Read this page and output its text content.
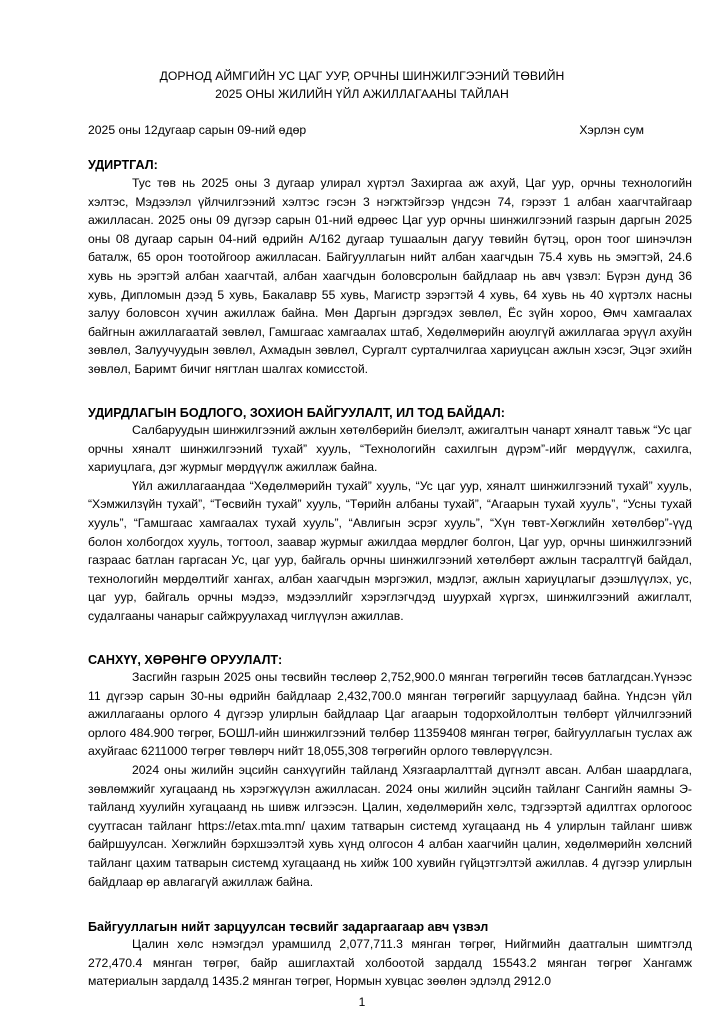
ДОРНОД АЙМГИЙН УС ЦАГ УУР, ОРЧНЫ ШИНЖИЛГЭЭНИЙ ТӨВИЙН
2025 ОНЫ ЖИЛИЙН ҮЙЛ АЖИЛЛАГААНЫ ТАЙЛАН
2025 оны 12дугаар сарын 09-ний өдөр	Хэрлэн сум
УДИРТГАЛ:

Тус төв нь 2025 оны 3 дугаар улирал хүртэл Захиргаа аж ахуй, Цаг уур, орчны технологийн хэлтэс, Мэдээлэл үйлчилгээний хэлтэс гэсэн 3 нэгжтэйгээр үндсэн 74, гэрээт 1 албан хаагчтайгаар ажилласан. 2025 оны 09 дүгээр сарын 01-ний өдрөөс Цаг уур орчны шинжилгээний газрын даргын 2025 оны 08 дугаар сарын 04-ний өдрийн А/162 дугаар тушаалын дагуу төвийн бүтэц, орон тоог шинэчлэн баталж, 65 орон тоотойгоор ажилласан. Байгууллагын нийт албан хаагчдын 75.4 хувь нь эмэгтэй, 24.6 хувь нь эрэгтэй албан хаагчтай, албан хаагчдын боловсролын байдлаар нь авч үзвэл: Бүрэн дунд 36 хувь, Дипломын дээд 5 хувь, Бакалавр 55 хувь, Магистр зэрэгтэй 4 хувь, 64 хувь нь 40 хүртэлх насны залуу боловсон хүчин ажиллаж байна. Мөн Даргын дэргэдэх зөвлөл, Ёс зүйн хороо, Өмч хамгаалах байгнын ажиллагаатай зөвлөл, Гамшгаас хамгаалах штаб, Хөдөлмөрийн аюулгүй ажиллагаа эрүүл ахуйн зөвлөл, Залуучуудын зөвлөл, Ахмадын зөвлөл, Сургалт сурталчилгаа хариуцсан ажлын хэсэг, Эцэг эхийн зөвлөл, Баримт бичиг нягтлан шалгах комисстой.

УДИРДЛАГЫН БОДЛОГО, ЗОХИОН БАЙГУУЛАЛТ, ИЛ ТОД БАЙДАЛ:

Салбаруудын шинжилгээний ажлын хөтөлбөрийн биелэлт, ажигалтын чанарт хяналт тавьж “Ус цаг орчны хяналт шинжилгээний тухай” хууль, “Технологийн сахилгын дүрэм”-ийг мөрдүүлж, сахилга, хариуцлага, дэг журмыг мөрдүүлж ажиллаж байна.

Үйл ажиллагаандаа “Хөдөлмөрийн тухай” хууль, “Ус цаг уур, хяналт шинжилгээний тухай” хууль, “Хэмжилзүйн тухай”, “Төсвийн тухай” хууль, “Төрийн албаны тухай”, “Агаарын тухай хууль”, “Усны тухай хууль”, “Гамшгаас хамгаалах тухай хууль”, “Авлигын эсрэг хууль”, “Хүн төвт-Хөгжлийн хөтөлбөр”-үүд болон холбогдох хууль, тогтоол, заавар журмыг ажилдаа мөрдлөг болгон, Цаг уур, орчны шинжилгээний газраас батлан гаргасан Ус, цаг уур, байгаль орчны шинжилгээний хөтөлбөрт ажлын тасралтгүй байдал, технологийн мөрдөлтийг хангах, албан хаагчдын мэргэжил, мэдлэг, ажлын хариуцлагыг дээшлүүлэх, ус, цаг уур, байгаль орчны мэдээ, мэдээллийг хэрэглэгчдэд шуурхай хүргэх, шинжилгээний ажиглалт, судалгааны чанарыг сайжруулахад чиглүүлэн ажиллав.

САНХҮҮ, ХӨРӨНГӨ ОРУУЛАЛТ:

Засгийн газрын 2025 оны төсвийн төслөөр 2,752,900.0 мянган төгрөгийн төсөв батлагдсан.Үүнээс 11 дүгээр сарын 30-ны өдрийн байдлаар 2,432,700.0 мянган төгрөгийг зарцуулаад байна. Үндсэн үйл ажиллагааны орлого 4 дүгээр улирлын байдлаар Цаг агаарын тодорхойлолтын төлбөрт үйлчилгээний орлого 484.900 төгрөг, БОШЛ-ийн шинжилгээний төлбөр 11359408 мянган төгрөг, байгууллагын туслах аж ахуйгаас 6211000 төгрөг төвлөрч нийт 18,055,308 төгрөгийн орлого төвлөрүүлсэн.

2024 оны жилийн эцсийн санхүүгийн тайланд Хязгаарлалттай дүгнэлт авсан. Албан шаардлага, зөвлөмжийг хугацаанд нь хэрэгжүүлэн ажилласан. 2024 оны жилийн эцсийн тайланг Сангийн яамны Э-тайланд хуулийн хугацаанд нь шивж илгээсэн. Цалин, хөдөлмөрийн хөлс, тэдгээртэй адилтгах орлогоос суутгасан тайланг https://etax.mta.mn/ цахим татварын системд хугацаанд нь 4 улирлын тайланг шивж байршуулсан. Хөгжлийн бэрхшээлтэй хувь хүнд олгосон 4 албан хаагчийн цалин, хөдөлмөрийн хөлсний тайланг цахим татварын системд хугацаанд нь хийж 100 хувийн гүйцэтгэлтэй ажиллав. 4 дүгээр улирлын байдлаар өр авлагагүй ажиллаж байна.

Байгууллагын нийт зарцуулсан төсвийг задаргаагаар авч үзвэл

Цалин хөлс нэмэгдэл урамшилд 2,077,711.3 мянган төгрөг, Нийгмийн даатгалын шимтгэлд 272,470.4 мянган төгрөг, байр ашиглахтай холбоотой зардалд 15543.2 мянган төгрөг Хангамж материалын зардалд 1435.2 мянган төгрөг, Нормын хувцас зөөлөн эдлэлд 2912.0

1
